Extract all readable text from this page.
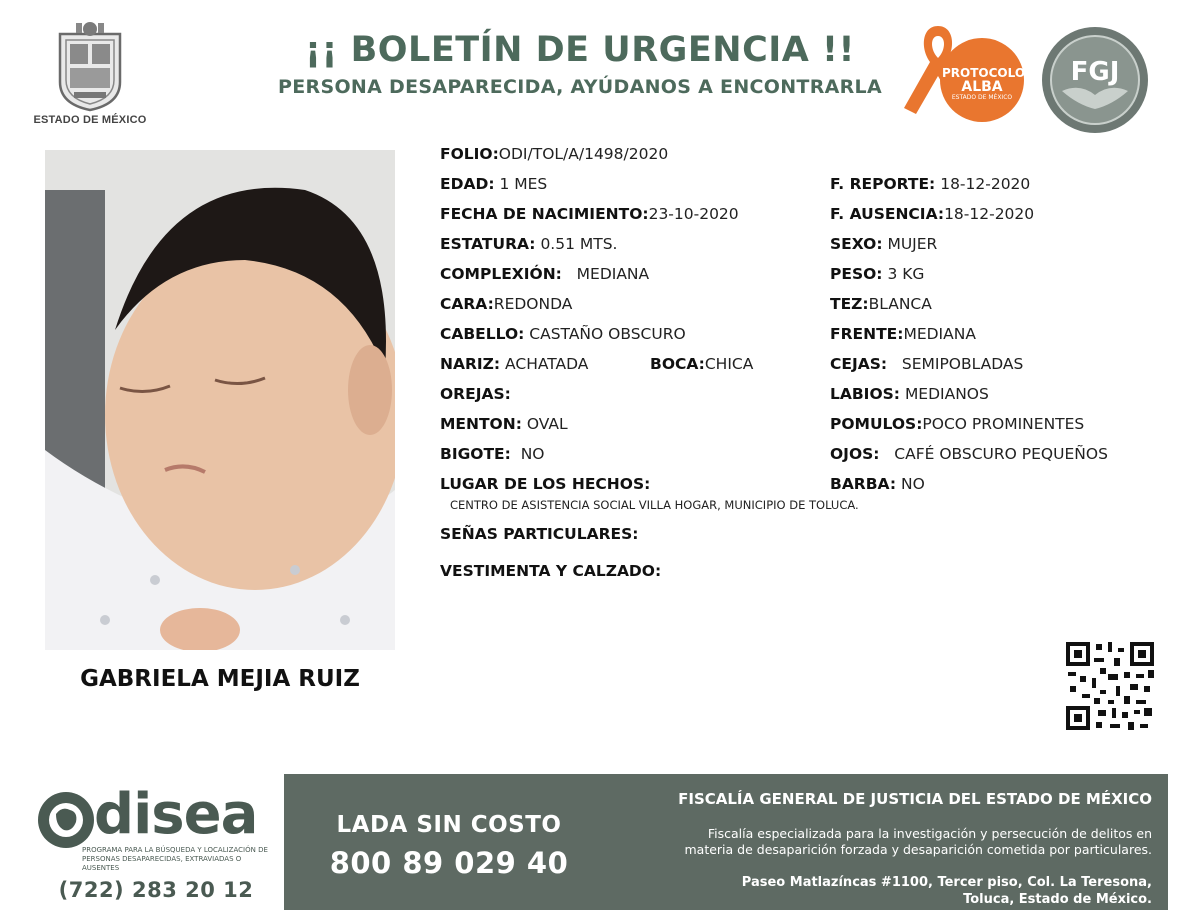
ESTADO DE MÉXICO
¡¡ BOLETÍN DE URGENCIA !!
PERSONA DESAPARECIDA, AYÚDANOS A ENCONTRARLA
PROTOCOLO
ALBA
ESTADO DE MÉXICO
FGJ
GABRIELA MEJIA RUIZ
FOLIO:ODI/TOL/A/1498/2020
EDAD: 1 MES
FECHA DE NACIMIENTO:23-10-2020
ESTATURA: 0.51 MTS.
COMPLEXIÓN: MEDIANA
CARA:REDONDA
CABELLO: CASTAÑO OBSCURO
NARIZ: ACHATADA	BOCA:CHICA
OREJAS:
MENTON: OVAL
BIGOTE: NO
LUGAR DE LOS HECHOS:
CENTRO DE ASISTENCIA SOCIAL VILLA HOGAR, MUNICIPIO DE TOLUCA.
SEÑAS PARTICULARES:
VESTIMENTA Y CALZADO:
F. REPORTE: 18-12-2020
F. AUSENCIA:18-12-2020
SEXO: MUJER
PESO: 3 KG
TEZ:BLANCA
FRENTE:MEDIANA
CEJAS: SEMIPOBLADAS
LABIOS: MEDIANOS
POMULOS:POCO PROMINENTES
OJOS: CAFÉ OBSCURO PEQUEÑOS
BARBA: NO
disea
PROGRAMA PARA LA BÚSQUEDA Y LOCALIZACIÓN DE PERSONAS DESAPARECIDAS, EXTRAVIADAS O AUSENTES
(722) 283 20 12
LADA SIN COSTO
800 89 029 40
FISCALÍA GENERAL DE JUSTICIA DEL ESTADO DE MÉXICO
Fiscalía especializada para la investigación y persecución de delitos en
materia de desaparición forzada y desaparición cometida por particulares.
Paseo Matlazíncas #1100, Tercer piso, Col. La Teresona,
Toluca, Estado de México.
